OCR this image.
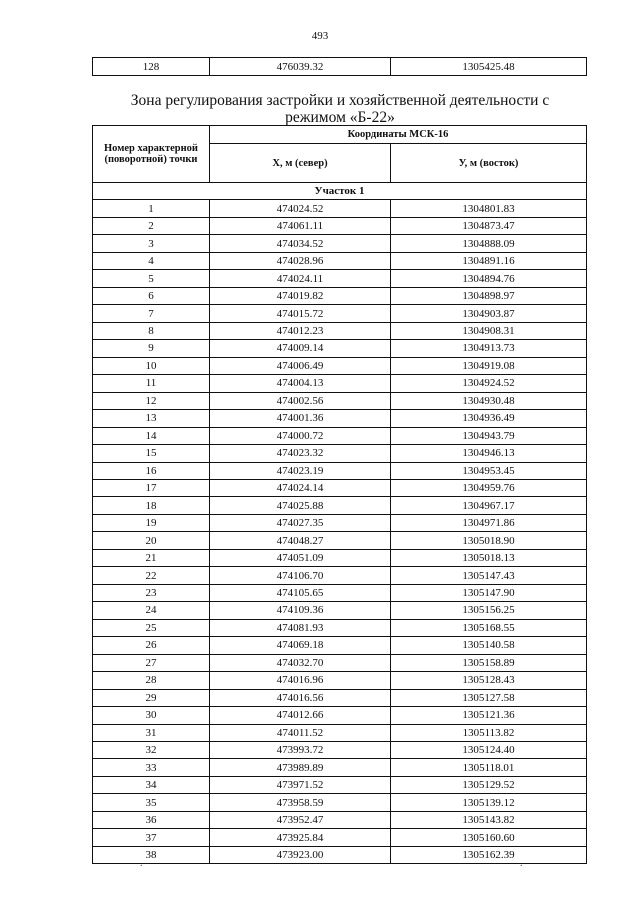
493
128	476039.32	1305425.48
Зона регулирования застройки и хозяйственной деятельности с
режимом «Б-22»
Номер характерной (поворотной) точки	Координаты МСК-16	
	X, м (север)	У, м (восток)
Участок 1		
1	474024.52	1304801.83
2	474061.11	1304873.47
3	474034.52	1304888.09
4	474028.96	1304891.16
5	474024.11	1304894.76
6	474019.82	1304898.97
7	474015.72	1304903.87
8	474012.23	1304908.31
9	474009.14	1304913.73
10	474006.49	1304919.08
11	474004.13	1304924.52
12	474002.56	1304930.48
13	474001.36	1304936.49
14	474000.72	1304943.79
15	474023.32	1304946.13
16	474023.19	1304953.45
17	474024.14	1304959.76
18	474025.88	1304967.17
19	474027.35	1304971.86
20	474048.27	1305018.90
21	474051.09	1305018.13
22	474106.70	1305147.43
23	474105.65	1305147.90
24	474109.36	1305156.25
25	474081.93	1305168.55
26	474069.18	1305140.58
27	474032.70	1305158.89
28	474016.96	1305128.43
29	474016.56	1305127.58
30	474012.66	1305121.36
31	474011.52	1305113.82
32	473993.72	1305124.40
33	473989.89	1305118.01
34	473971.52	1305129.52
35	473958.59	1305139.12
36	473952.47	1305143.82
37	473925.84	1305160.60
38	473923.00	1305162.39
.	.
